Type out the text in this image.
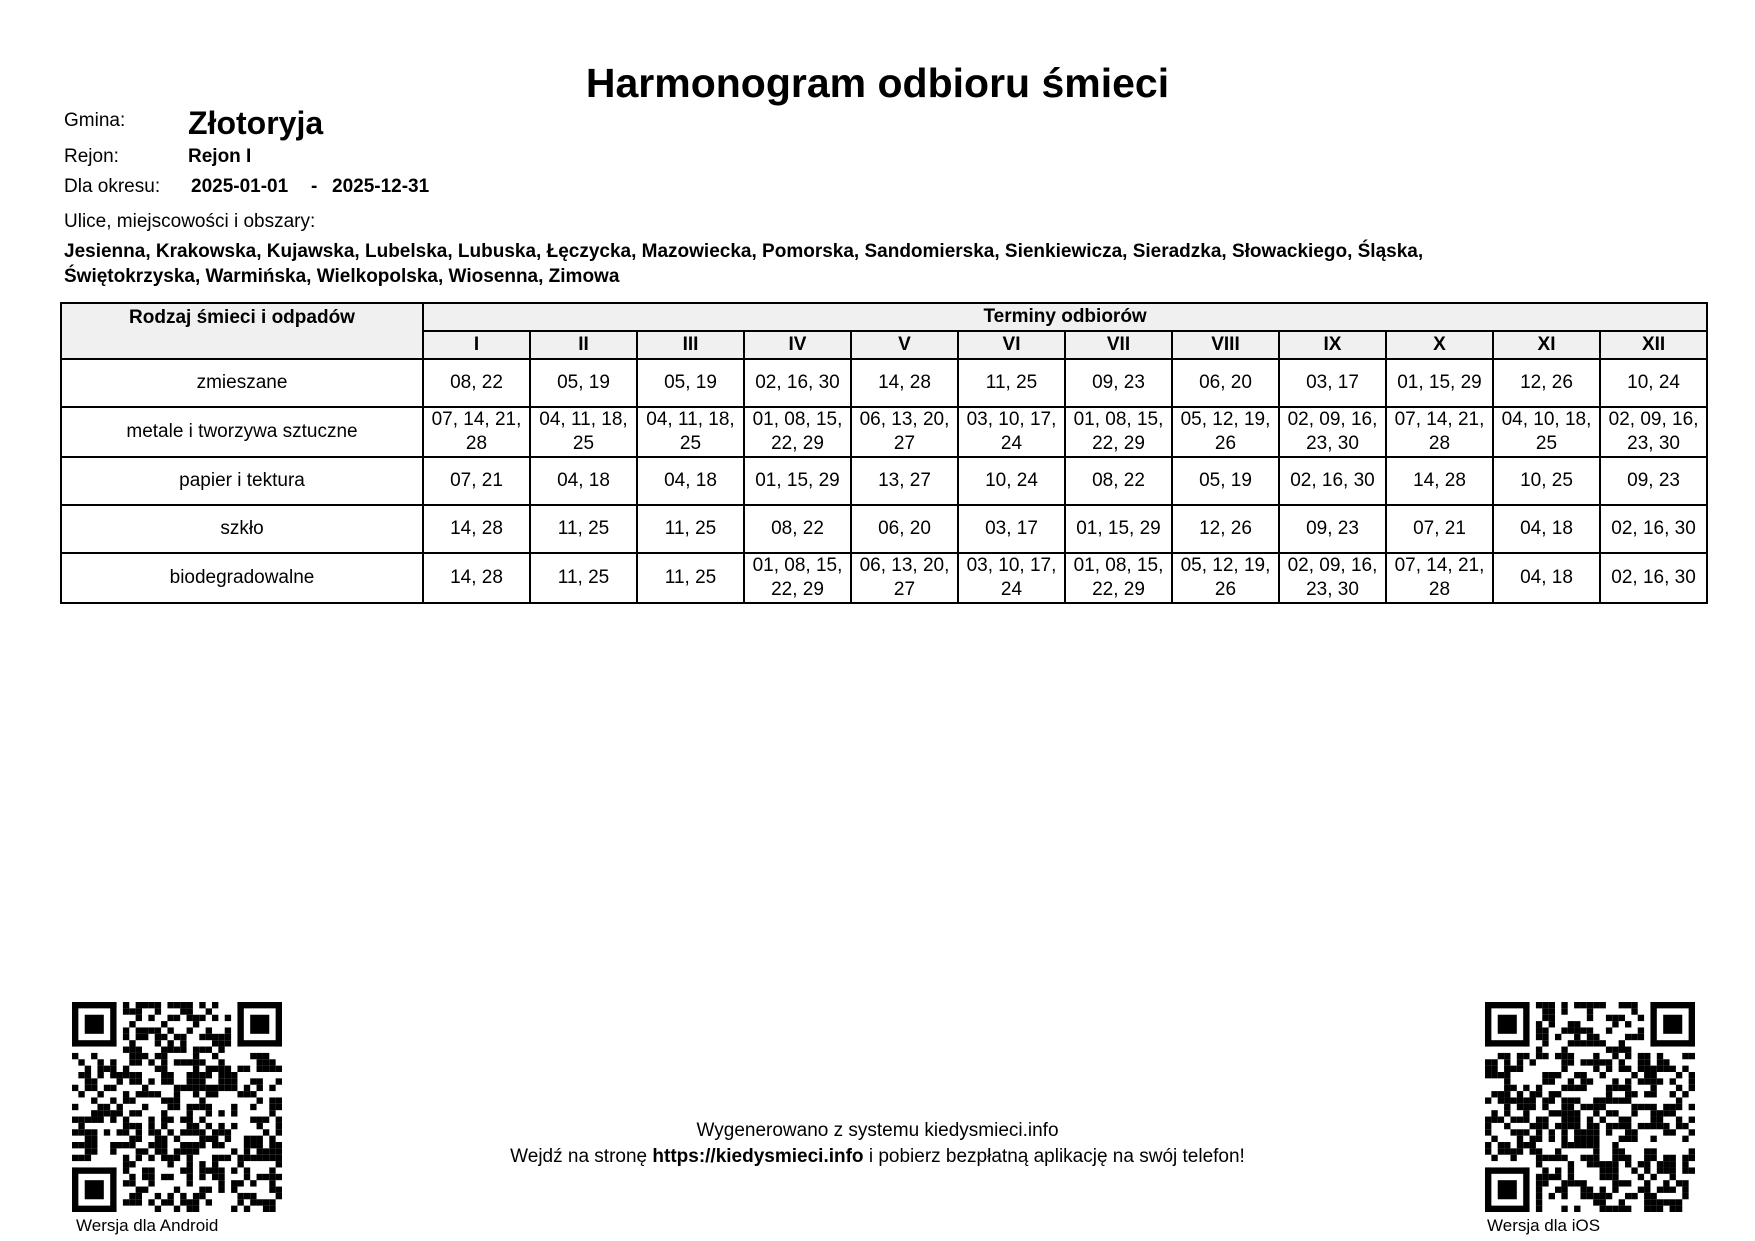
Harmonogram odbioru śmieci
Gmina: Złotoryja
Rejon:	Rejon I
Dla okresu: 2025-01-01 - 2025-12-31
Ulice, miejscowości i obszary:
Jesienna, Krakowska, Kujawska, Lubelska, Lubuska, Łęczycka, Mazowiecka, Pomorska, Sandomierska, Sienkiewicza, Sieradzka, Słowackiego, Śląska,
Świętokrzyska, Warmińska, Wielkopolska, Wiosenna, Zimowa
Rodzaj śmieci i odpadów	Terminy odbiorów											
	I	II	III	IV	V	VI	VII	VIII	IX	X	XI	XII
zmieszane	08, 22	05, 19	05, 19	02, 16, 30	14, 28	11, 25	09, 23	06, 20	03, 17	01, 15, 29	12, 26	10, 24
metale i tworzywa sztuczne	07, 14, 21, 28	04, 11, 18, 25	04, 11, 18, 25	01, 08, 15, 22, 29	06, 13, 20, 27	03, 10, 17, 24	01, 08, 15, 22, 29	05, 12, 19, 26	02, 09, 16, 23, 30	07, 14, 21, 28	04, 10, 18, 25	02, 09, 16, 23, 30
papier i tektura	07, 21	04, 18	04, 18	01, 15, 29	13, 27	10, 24	08, 22	05, 19	02, 16, 30	14, 28	10, 25	09, 23
szkło	14, 28	11, 25	11, 25	08, 22	06, 20	03, 17	01, 15, 29	12, 26	09, 23	07, 21	04, 18	02, 16, 30
biodegradowalne	14, 28	11, 25	11, 25	01, 08, 15, 22, 29	06, 13, 20, 27	03, 10, 17, 24	01, 08, 15, 22, 29	05, 12, 19, 26	02, 09, 16, 23, 30	07, 14, 21, 28	04, 18	02, 16, 30
Wersja dla Android	Wersja dla iOS
Wygenerowano z systemu kiedysmieci.info
Wejdź na stronę https://kiedysmieci.info i pobierz bezpłatną aplikację na swój telefon!
